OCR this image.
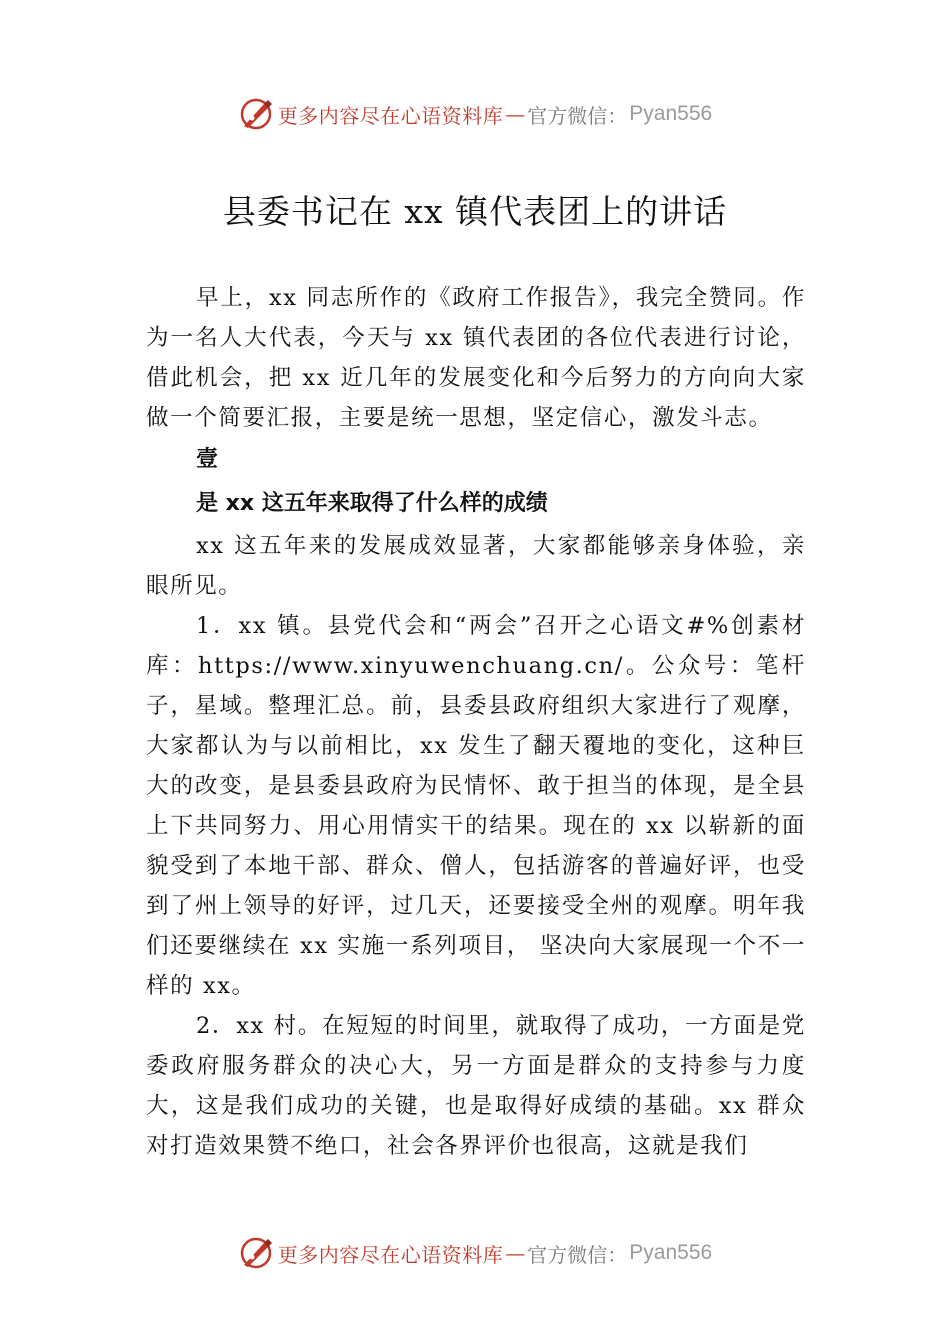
更多内容尽在心语资料库 — 官方微信： Pyan556
县委书记在 xx 镇代表团上的讲话

早上，xx 同志所作的《政府工作报告》，我完全赞同。作为一名人大代表，今天与 xx 镇代表团的各位代表进行讨论，借此机会，把 xx 近几年的发展变化和今后努力的方向向大家做一个简要汇报，主要是统一思想，坚定信心，激发斗志。

壹

是 xx 这五年来取得了什么样的成绩

xx 这五年来的发展成效显著，大家都能够亲身体验，亲眼所见。

1．xx 镇。县党代会和“两会”召开之心语文#%创素材库：https://www.xinyuwenchuang.cn/。公众号：笔杆子，星域。整理汇总。前，县委县政府组织大家进行了观摩，大家都认为与以前相比，xx 发生了翻天覆地的变化，这种巨大的改变，是县委县政府为民情怀、敢于担当的体现，是全县上下共同努力、用心用情实干的结果。现在的 xx 以崭新的面貌受到了本地干部、群众、僧人，包括游客的普遍好评，也受到了州上领导的好评，过几天，还要接受全州的观摩。明年我们还要继续在 xx 实施一系列项目， 坚决向大家展现一个不一样的 xx。

2．xx 村。在短短的时间里，就取得了成功，一方面是党委政府服务群众的决心大，另一方面是群众的支持参与力度大，这是我们成功的关键，也是取得好成绩的基础。xx 群众对打造效果赞不绝口，社会各界评价也很高，这就是我们

更多内容尽在心语资料库 — 官方微信： Pyan556
